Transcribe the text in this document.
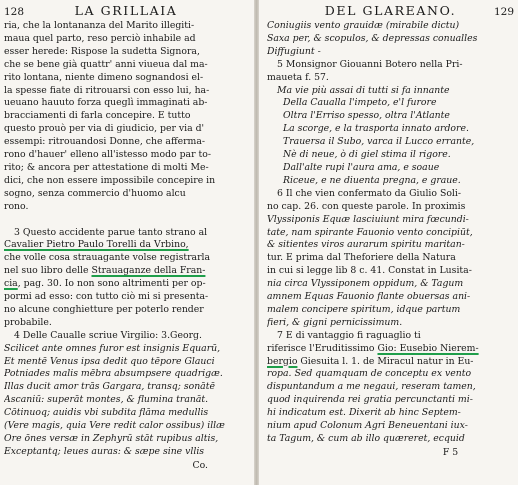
128	LA GRILLAIA
ria, che la lontananza del Marito illegiti-
maua quel parto, reso perciò inhabile ad
esser herede: Rispose la sudetta Signora,
che se bene già quattr' anni viueua dal ma-
rito lontana, niente dimeno sognandosi el-
la spesse fiate di ritrouarsi con esso lui, ha-
ueuano hauuto forza queglì immaginati ab-
bracciamenti di farla concepire. E tutto
questo prouò per via di giudicio, per via d'
essempi: ritrouandosi Donne, che afferma-
rono d'hauer' elleno all'istesso modo par to-
rito; & ancora per attestatione di molti Me-
dici, che non essere impossibile concepire in
sogno, senza commercio d'huomo alcu
rono.

3 Questo accidente parue tanto strano al
Cavalier Pietro Paulo Torelli da Vrbino,
che volle cosa strauagante volse registrarla
nel suo libro delle Strauaganze della Fran-
cia, pag. 30. Io non sono altrimenti per op-
pormi ad esso: con tutto ciò mi si presenta-
no alcune conghietture per poterlo render
probabile.
4 Delle Caualle scriue Virgilio: 3.Georg.
Scilicet ante omnes furor est insignis Equarū,
Et mentē Venus ipsa dedit quo tēpore Glauci
Potniades malis mēbra absumpsere quadrigæ.
Illas ducit amor trās Gargara, transq; sonātē
Ascaniū: superāt montes, & flumina tranāt.
Cōtinuoq; auidis vbi subdita flāma medullis
(Vere magis, quia Vere redit calor ossibus) illæ
Ore ōnes versæ in Zephyrū stāt rupibus altis,
Exceptantq; leues auras: & sæpe sine vllis
Co.
DEL GLAREANO.	129
Coniugiis vento grauidæ (mirabile dictu)
Saxa per, & scopulos, & depressas conualles
Diffugiunt -
5 Monsignor Giouanni Botero nella Pri-
maueta f. 57.
Ma vie più assai di tutti si fa innante
Della Caualla l'impeto, e'l furore
Oltra l'Erriso spesso, oltra l'Atlante
La scorge, e la trasporta innato ardore.
Trauersa il Subo, varca il Lucco errante,
Nè di neue, ò di giel stima il rigore.
Dall'alte rupi l'aura ama, e soaue
Riceue, e ne diuenta pregna, e graue.
6 Il che vien confermato da Giulio Soli-
no cap. 26. con queste parole. In proximis
Vlyssiponis Equæ lasciuiunt mira fœcundi-
tate, nam spirante Fauonio vento concipiūt,
& sitientes viros aurarum spiritu maritan-
tur. E prima dal Theforiere della Natura
in cui si legge lib 8 c. 41. Constat in Lusita-
nia circa Vlyssiponem oppidum, & Tagum
amnem Equas Fauonio flante obuersas ani-
malem concipere spiritum, idque partum
fieri, & gigni pernicissimum.
7 E di vantaggio fi raguaglio ti
riferisce l'Eruditissimo Gio: Eusebio Nierem-
bergio Giesuita l. 1. de Miracul natur in Eu-
ropa. Sed quamquam de conceptu ex vento
dispuntandum a me negaui, reseram tamen,
quod inquirenda rei gratia percunctanti mi-
hi indicatum est. Dixerit ab hinc Septem-
nium apud Colonum Agri Beneuentani iux-
ta Tagum, & cum ab illo quæreret, ecquid
F 5
